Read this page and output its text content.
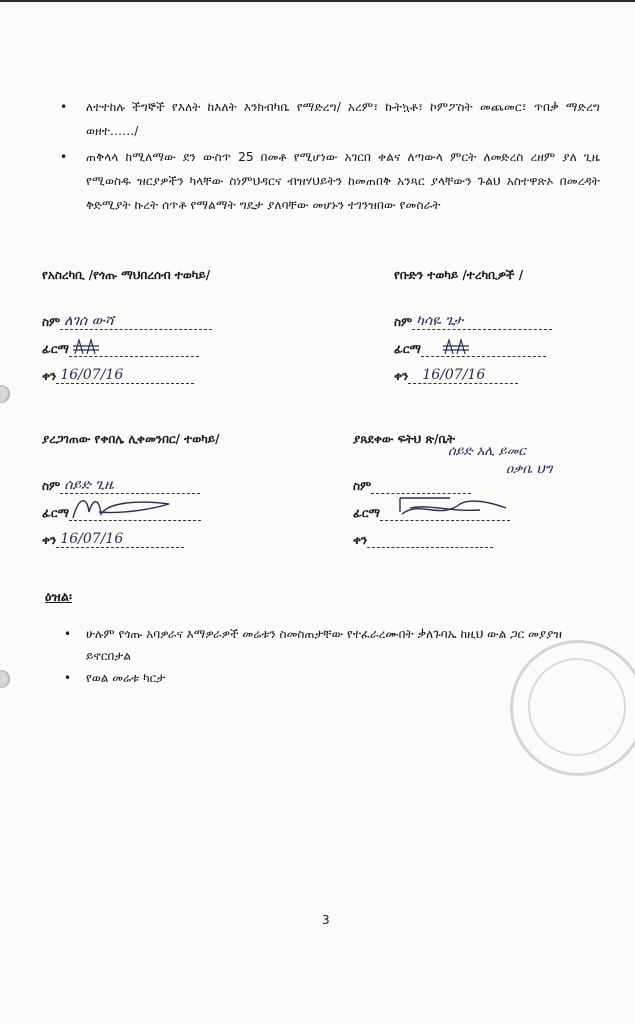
• ለተተከሉ ችግኞች የእለት ከእለት እንክብካቤ የማድረግ/ አረም፣ ኩትኳቶ፣ ኮምፖስት መጨመር፣ ጥበቃ ማድረግ ወዘተ……/
• ጠቅላላ ከሚለማው ደን ውስጥ 25 በመቶ የሚሆነው አገርበ ቀልና ለጣውላ ምርት ለመድረስ ረዘም ያለ ጊዜ የሚወስዱ ዝርያዎችን ካላቸው ስነምህዳርና ብዝሃህይትን ከመጠበቅ አንጻር ያላቸውን ጉልህ አስተዋጽኦ በመረዳት ቅድሚያት ኩረት ሰጥቶ የማልማት ግዴታ ያለባቸው መሆኑን ተገንዝበው የመስራት
የአስረካቢ /የጎጡ ማህበረሰብ ተወካይ/
ስም ለገሰ ውሻ
ፊርማ
ቀን 16/07/16
የቡድን ተወካይ /ተረካቢዎች /
ስም ካሳዬ ጌታ
ፊርማ
ቀን 16/07/16
ያረጋገጠው የቀበሌ ሊቀመንበር/ ተወካይ/
ስም ሰይድ ጊዜ
ፊርማ
ቀን 16/07/16
ያጸደቀው ፍትህ ጽ/ቤት
ስም
ፊርማ
ቀን
ሰይድ አሊ ይመር
ዐቃቤ ህግ
ዕዝል፡
• ሁሉም የጎጡ አባዎራና እማዎራዎች መሬቱን ስመስጠታቸው የተፈራረሙበት ቃለጉባኤ ከዚህ ውል ጋር መያያዝ ይኖርበታል
• የወል መሬቱ ካርታ
3
